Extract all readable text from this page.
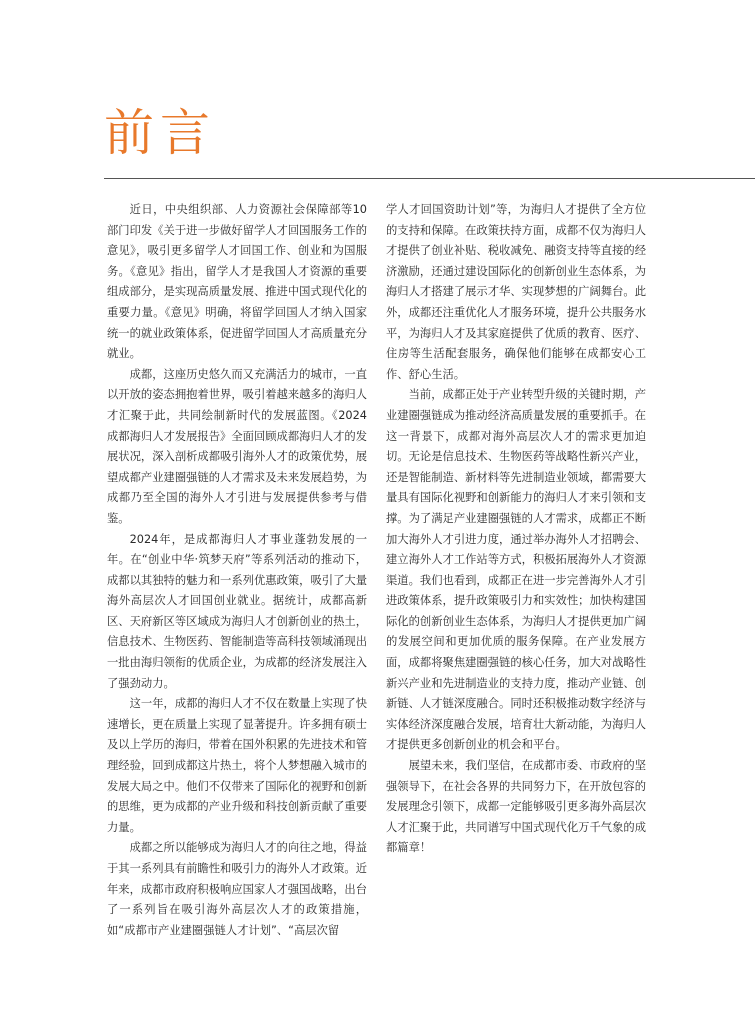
前言

近日，中央组织部、人力资源社会保障部等10部门印发《关于进一步做好留学人才回国服务工作的意见》，吸引更多留学人才回国工作、创业和为国服务。《意见》指出，留学人才是我国人才资源的重要组成部分，是实现高质量发展、推进中国式现代化的重要力量。《意见》明确，将留学回国人才纳入国家统一的就业政策体系，促进留学回国人才高质量充分就业。

成都，这座历史悠久而又充满活力的城市，一直以开放的姿态拥抱着世界，吸引着越来越多的海归人才汇聚于此，共同绘制新时代的发展蓝图。《2024成都海归人才发展报告》全面回顾成都海归人才的发展状况，深入剖析成都吸引海外人才的政策优势，展望成都产业建圈强链的人才需求及未来发展趋势，为成都乃至全国的海外人才引进与发展提供参考与借鉴。

2024年，是成都海归人才事业蓬勃发展的一年。在“创业中华·筑梦天府”等系列活动的推动下，成都以其独特的魅力和一系列优惠政策，吸引了大量海外高层次人才回国创业就业。据统计，成都高新区、天府新区等区域成为海归人才创新创业的热土，信息技术、生物医药、智能制造等高科技领域涌现出一批由海归领衔的优质企业，为成都的经济发展注入了强劲动力。

这一年，成都的海归人才不仅在数量上实现了快速增长，更在质量上实现了显著提升。许多拥有硕士及以上学历的海归，带着在国外积累的先进技术和管理经验，回到成都这片热土，将个人梦想融入城市的发展大局之中。他们不仅带来了国际化的视野和创新的思维，更为成都的产业升级和科技创新贡献了重要力量。

成都之所以能够成为海归人才的向往之地，得益于其一系列具有前瞻性和吸引力的海外人才政策。近年来，成都市政府积极响应国家人才强国战略，出台了一系列旨在吸引海外高层次人才的政策措施，如“成都市产业建圈强链人才计划”、“高层次留

学人才回国资助计划”等，为海归人才提供了全方位的支持和保障。在政策扶持方面，成都不仅为海归人才提供了创业补贴、税收减免、融资支持等直接的经济激励，还通过建设国际化的创新创业生态体系，为海归人才搭建了展示才华、实现梦想的广阔舞台。此外，成都还注重优化人才服务环境，提升公共服务水平，为海归人才及其家庭提供了优质的教育、医疗、住房等生活配套服务，确保他们能够在成都安心工作、舒心生活。

当前，成都正处于产业转型升级的关键时期，产业建圈强链成为推动经济高质量发展的重要抓手。在这一背景下，成都对海外高层次人才的需求更加迫切。无论是信息技术、生物医药等战略性新兴产业，还是智能制造、新材料等先进制造业领域，都需要大量具有国际化视野和创新能力的海归人才来引领和支撑。为了满足产业建圈强链的人才需求，成都正不断加大海外人才引进力度，通过举办海外人才招聘会、建立海外人才工作站等方式，积极拓展海外人才资源渠道。我们也看到，成都正在进一步完善海外人才引进政策体系，提升政策吸引力和实效性；加快构建国际化的创新创业生态体系，为海归人才提供更加广阔的发展空间和更加优质的服务保障。在产业发展方面，成都将聚焦建圈强链的核心任务，加大对战略性新兴产业和先进制造业的支持力度，推动产业链、创新链、人才链深度融合。同时还积极推动数字经济与实体经济深度融合发展，培育壮大新动能，为海归人才提供更多创新创业的机会和平台。

展望未来，我们坚信，在成都市委、市政府的坚强领导下，在社会各界的共同努力下，在开放包容的发展理念引领下，成都一定能够吸引更多海外高层次人才汇聚于此，共同谱写中国式现代化万千气象的成都篇章！
